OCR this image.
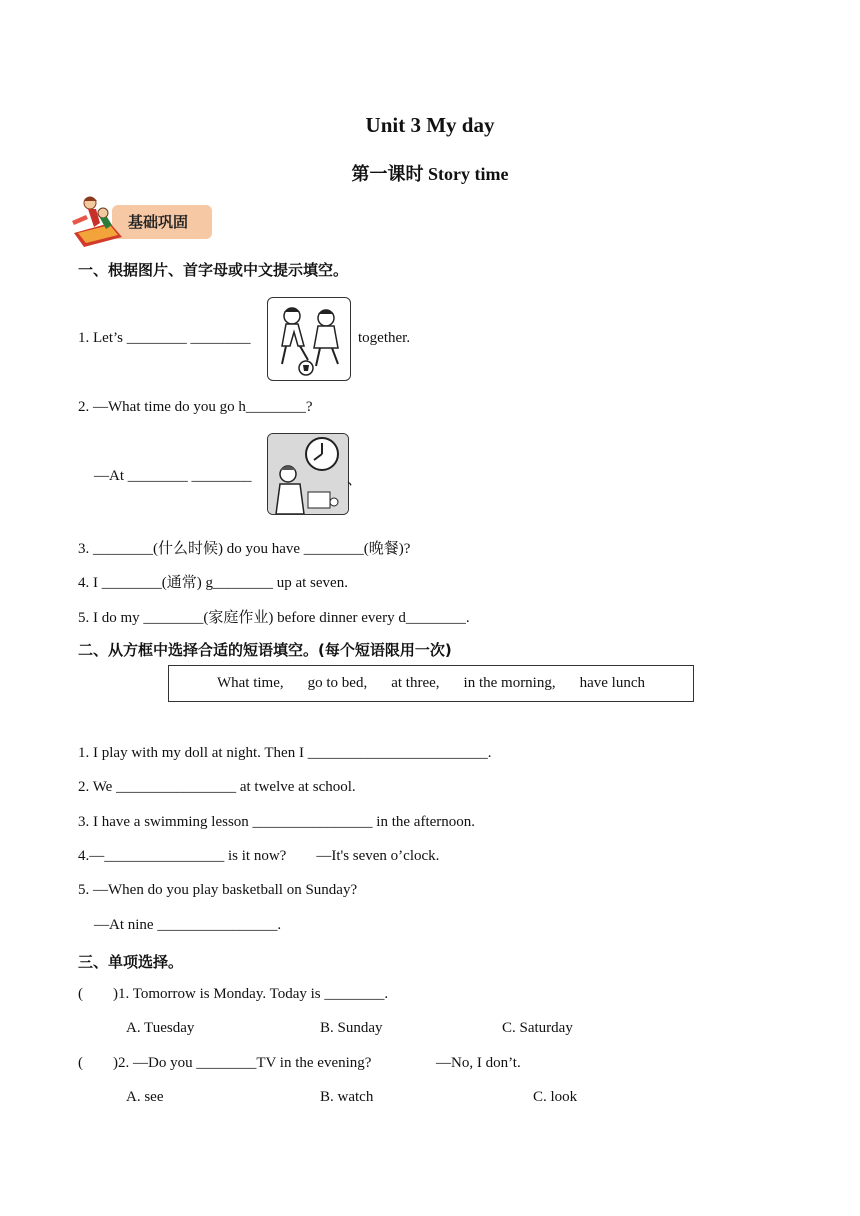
Unit 3 My day
第一课时 Story time
基础巩固
一、根据图片、首字母或中文提示填空。
1. Let’s ________ ________	together.
2. —What time do you go h________?
—At ________ ________	、
3. ________(什么时候) do you have ________(晚餐)?
4. I ________(通常) g________ up at seven.
5. I do my ________(家庭作业) before dinner every d________.
二、从方框中选择合适的短语填空。(每个短语限用一次)
What time, go to bed, at three, in the morning, have lunch
1. I play with my doll at night. Then I ________________________.
2. We ________________ at twelve at school.
3. I have a swimming lesson ________________ in the afternoon.
4.—________________ is it now?        —It's seven o’clock.
5. —When do you play basketball on Sunday?
—At nine ________________.
三、单项选择。
(        )1. Tomorrow is Monday. Today is ________.
A. Tuesday	B. Sunday	C. Saturday
(        )2. —Do you ________TV in the evening?	—No, I don’t.
A. see	B. watch	C. look
